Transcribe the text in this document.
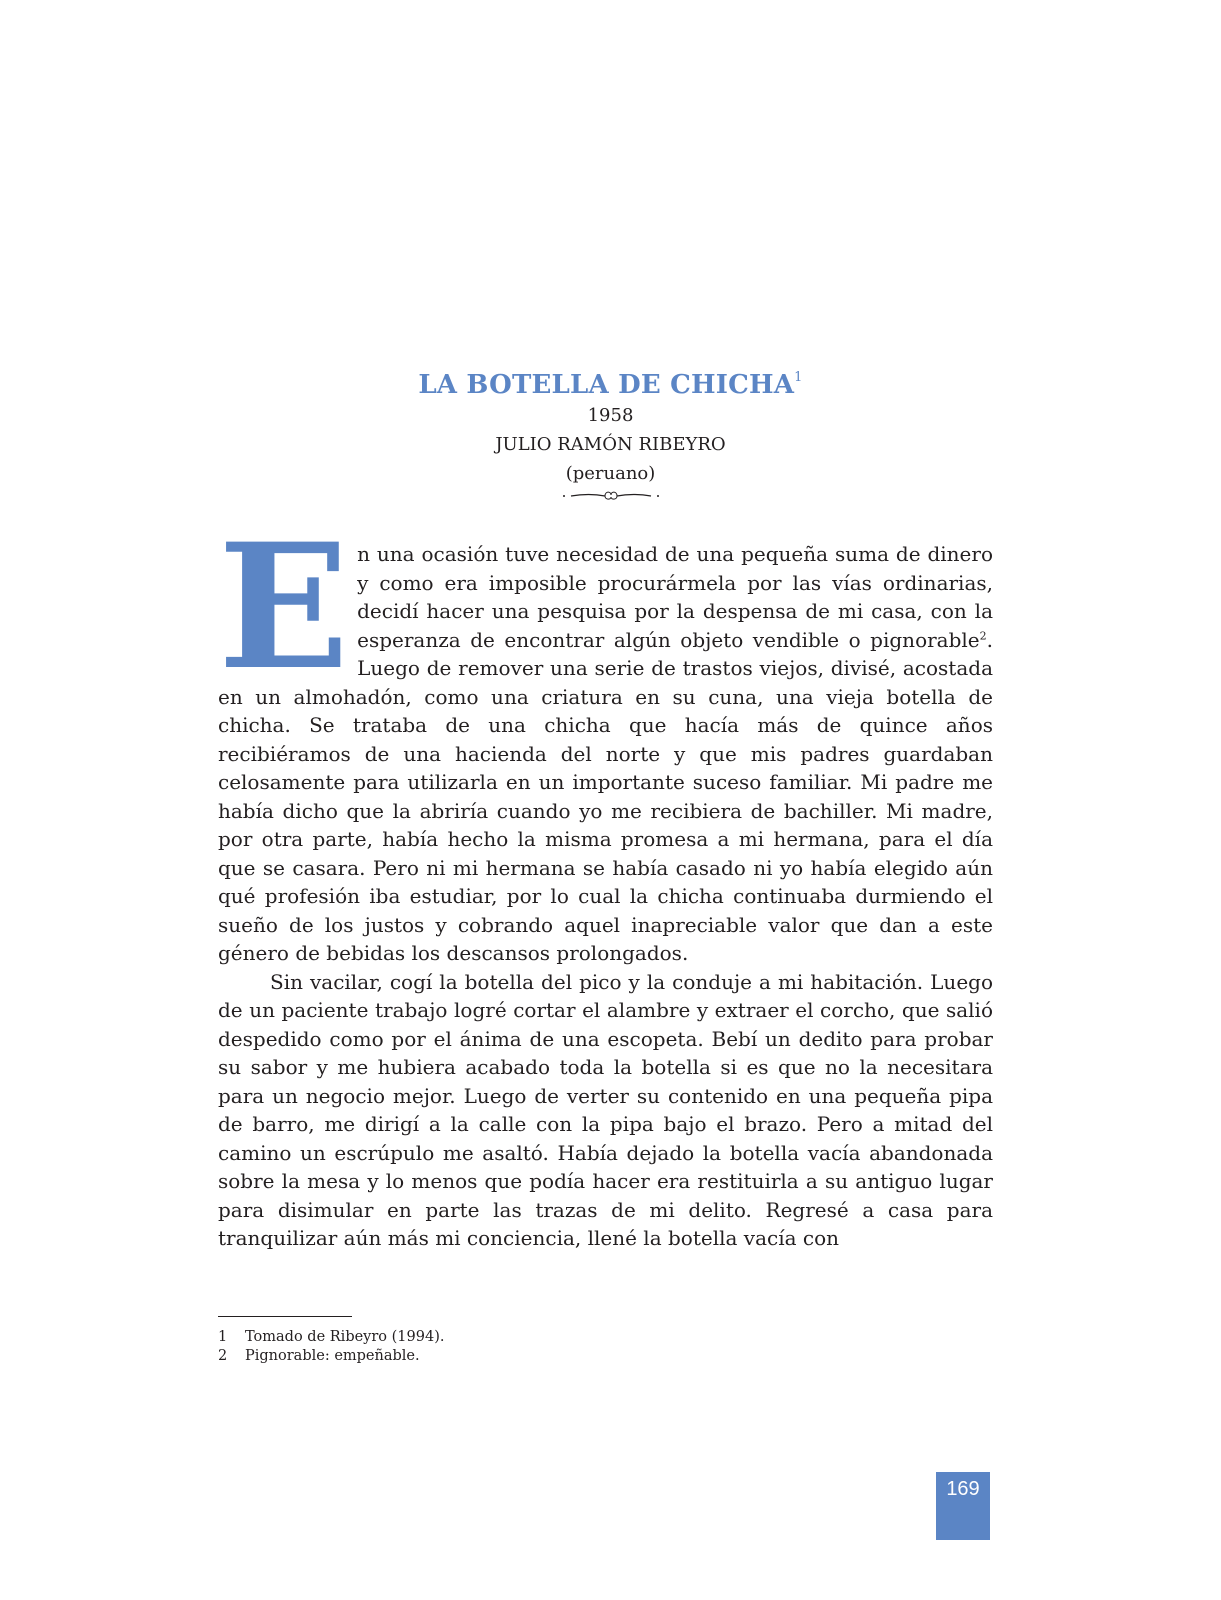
LA BOTELLA DE CHICHA$^1$

1958

JULIO RAMÓN RIBEYRO

(peruano)

En una ocasión tuve necesidad de una pequeña suma de dinero y como era imposible procurármela por las vías ordinarias, decidí hacer una pesquisa por la despensa de mi casa, con la esperanza de encontrar algún objeto vendible o pignorable$^2$. Luego de remover una serie de trastos viejos, divisé, acostada en un almohadón, como una criatura en su cuna, una vieja botella de chicha. Se trataba de una chicha que hacía más de quince años recibiéramos de una hacienda del norte y que mis padres guardaban celosamente para utilizarla en un importante suceso familiar. Mi padre me había dicho que la abriría cuando yo me recibiera de bachiller. Mi madre, por otra parte, había hecho la misma promesa a mi hermana, para el día que se casara. Pero ni mi hermana se había casado ni yo había elegido aún qué profesión iba estudiar, por lo cual la chicha continuaba durmiendo el sueño de los justos y cobrando aquel inapreciable valor que dan a este género de bebidas los descansos prolongados.

Sin vacilar, cogí la botella del pico y la conduje a mi habitación. Luego de un paciente trabajo logré cortar el alambre y extraer el corcho, que salió despedido como por el ánima de una escopeta. Bebí un dedito para probar su sabor y me hubiera acabado toda la botella si es que no la necesitara para un negocio mejor. Luego de verter su contenido en una pequeña pipa de barro, me dirigí a la calle con la pipa bajo el brazo. Pero a mitad del camino un escrúpulo me asaltó. Había dejado la botella vacía abandonada sobre la mesa y lo menos que podía hacer era restituirla a su antiguo lugar para disimular en parte las trazas de mi delito. Regresé a casa para tranquilizar aún más mi conciencia, llené la botella vacía con

1	Tomado de Ribeyro (1994).
2	Pignorable: empeñable.
169
